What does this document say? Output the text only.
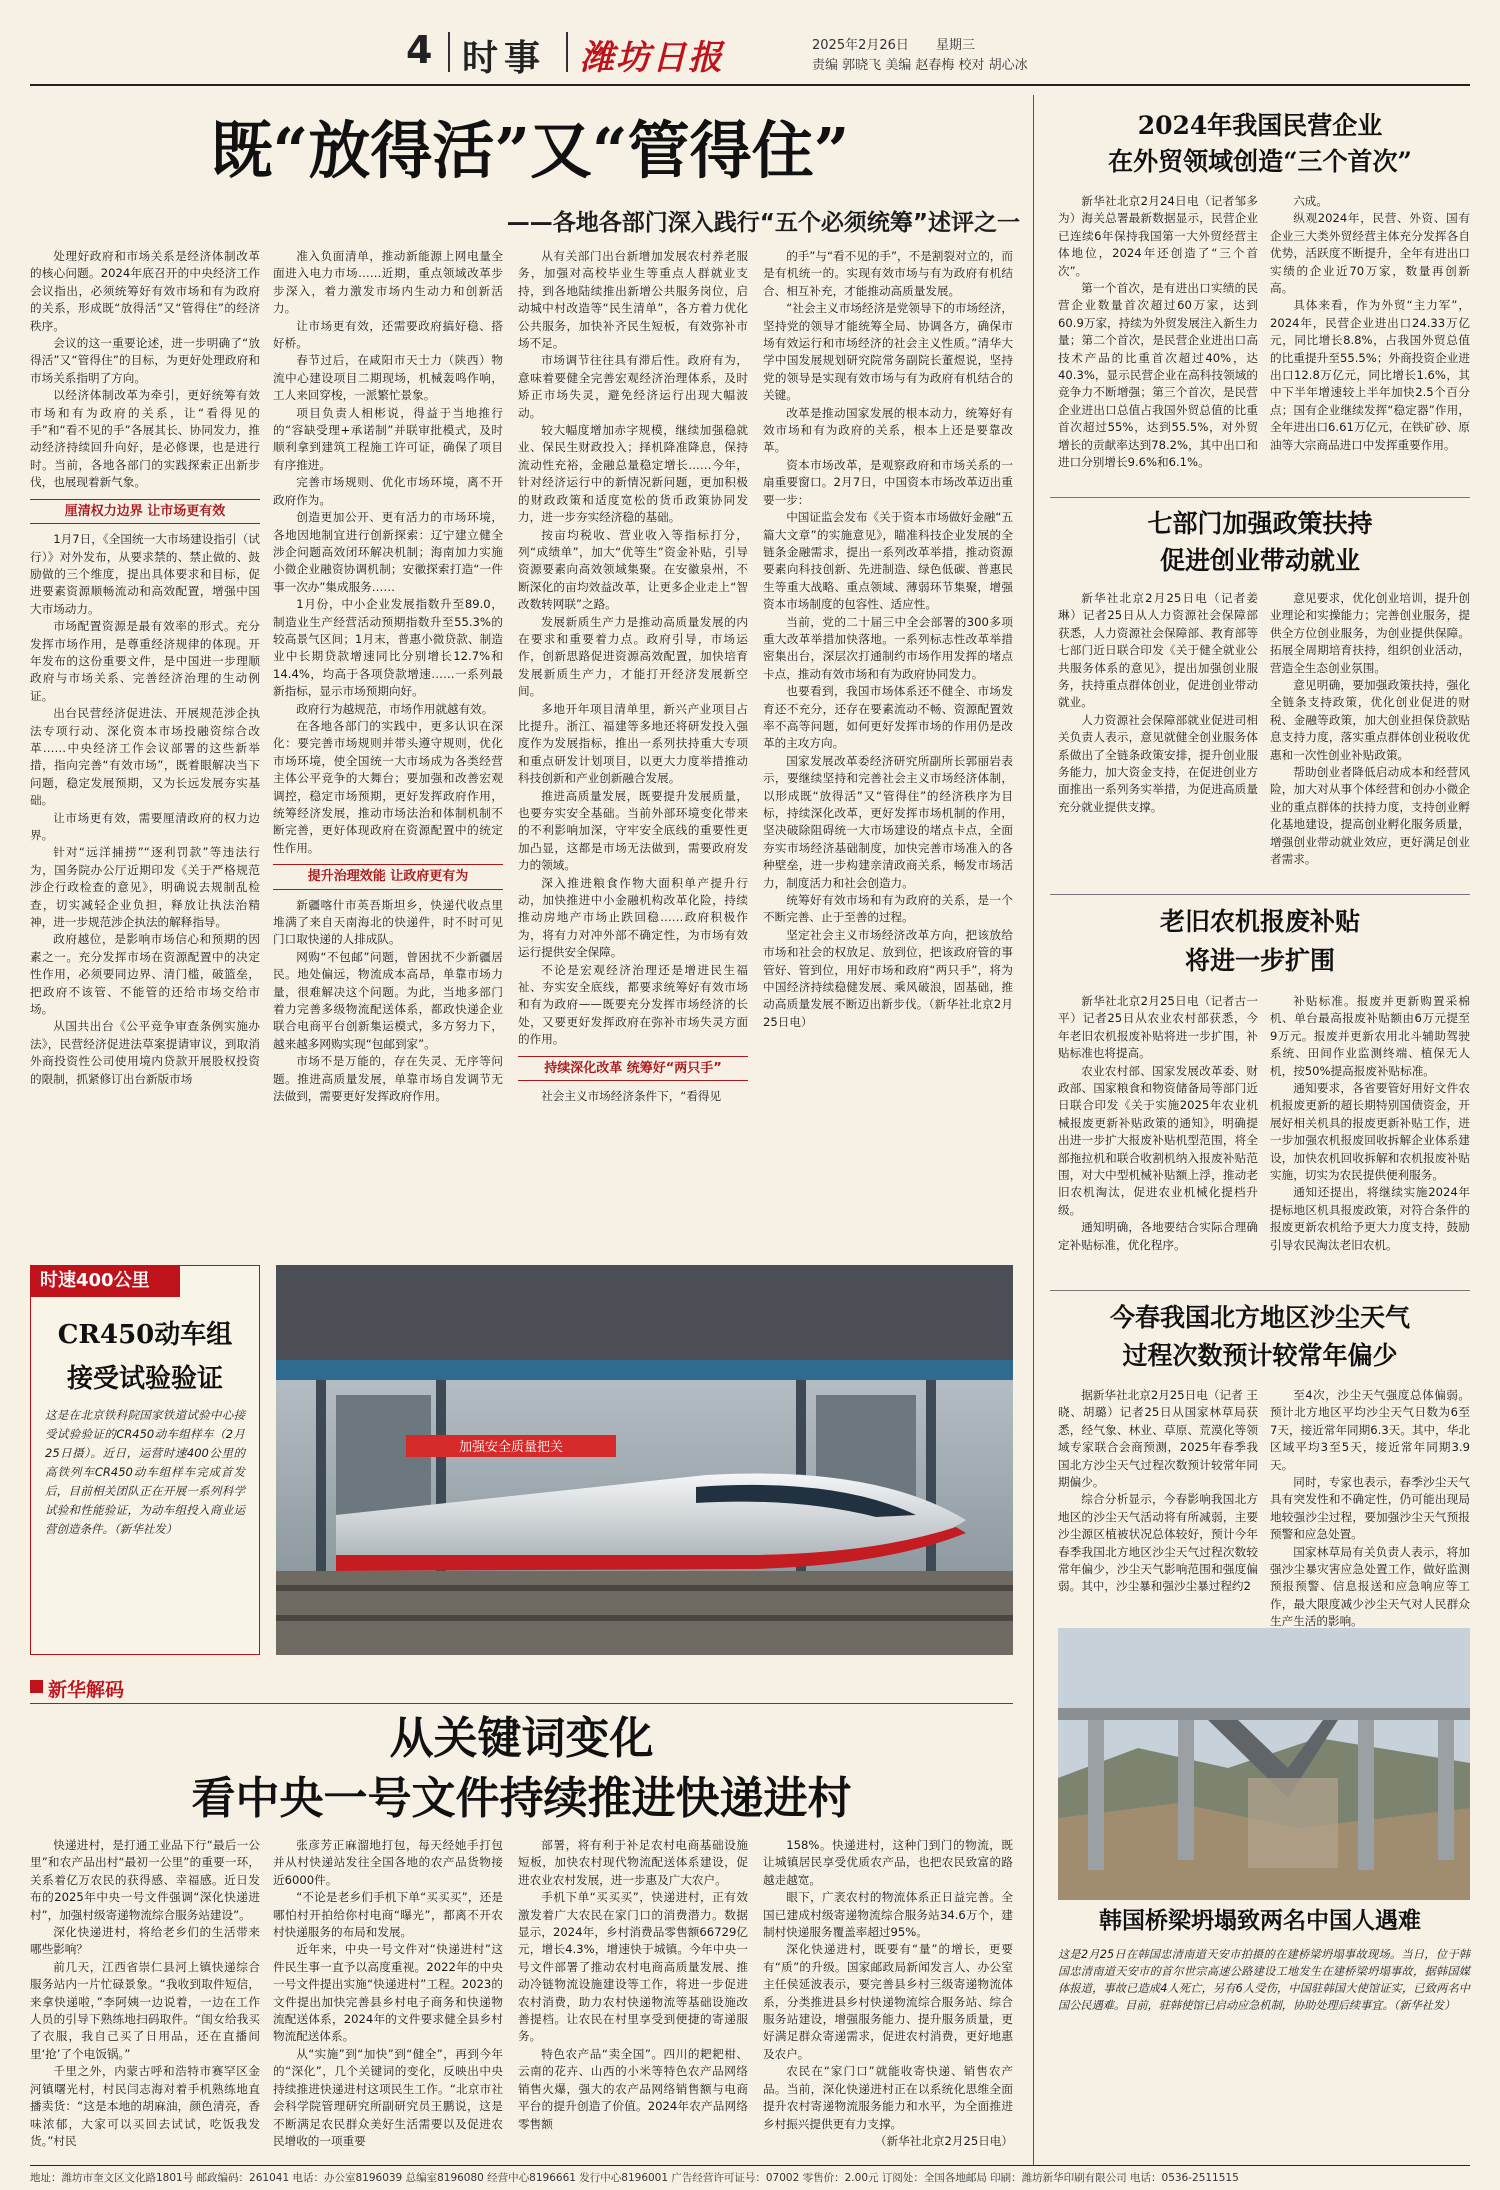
4 时事 潍坊日报	2025年2月26日 星期三
责编 郭晓飞 美编 赵春梅 校对 胡心冰
既“放得活”又“管得住”
——各地各部门深入践行“五个必须统筹”述评之一

处理好政府和市场关系是经济体制改革的核心问题。2024年底召开的中央经济工作会议指出，必须统筹好有效市场和有为政府的关系，形成既“放得活”又“管得住”的经济秩序。

会议的这一重要论述，进一步明确了“放得活”又“管得住”的目标，为更好处理政府和市场关系指明了方向。

以经济体制改革为牵引，更好统筹有效市场和有为政府的关系，让“看得见的手”和“看不见的手”各展其长、协同发力，推动经济持续回升向好，是必修课，也是进行时。当前，各地各部门的实践探索正出新步伐，也展现着新气象。

厘清权力边界 让市场更有效

1月7日，《全国统一大市场建设指引（试行）》对外发布，从要求禁的、禁止做的、鼓励做的三个维度，提出具体要求和目标，促进要素资源顺畅流动和高效配置，增强中国大市场动力。

市场配置资源是最有效率的形式。充分发挥市场作用，是尊重经济规律的体现。开年发布的这份重要文件，是中国进一步理顺政府与市场关系、完善经济治理的生动例证。

出台民营经济促进法、开展规范涉企执法专项行动、深化资本市场投融资综合改革……中央经济工作会议部署的这些新举措，指向完善“有效市场”，既着眼解决当下问题，稳定发展预期，又为长远发展夯实基础。

让市场更有效，需要厘清政府的权力边界。

针对“远洋捕捞”“逐利罚款”等违法行为，国务院办公厅近期印发《关于严格规范涉企行政检查的意见》，明确说去规制乱检查，切实减轻企业负担，释放让执法治精神，进一步规范涉企执法的解释指导。

政府越位，是影响市场信心和预期的因素之一。充分发挥市场在资源配置中的决定性作用，必须要同边界、清门槛，破篮垒，把政府不该管、不能管的还给市场交给市场。

从国共出台《公平竞争审查条例实施办法》，民营经济促进法草案提请审议，到取消外商投资性公司使用境内贷款开展股权投资的限制，抓紧修订出台新版市场

准入负面清单，推动新能源上网电量全面进入电力市场……近期，重点领域改革步步深入，着力激发市场内生动力和创新活力。

让市场更有效，还需要政府搞好稳、搭好桥。

春节过后，在咸阳市天士力（陕西）物流中心建设项目二期现场，机械轰鸣作响，工人来回穿梭，一派繁忙景象。

项目负责人相彬说，得益于当地推行的“容缺受理+承诺制”并联审批模式，及时顺利拿到建筑工程施工许可证，确保了项目有序推进。

完善市场规则、优化市场环境，离不开政府作为。

创造更加公开、更有活力的市场环境，各地因地制宜进行创新探索：辽宁建立健全涉企问题高效闭环解决机制；海南加力实施小微企业融资协调机制；安徽探索打造“一件事一次办”集成服务……

1月份，中小企业发展指数升至89.0，制造业生产经营活动预期指数升至55.3%的较高景气区间；1月末，普惠小微贷款、制造业中长期贷款增速同比分别增长12.7%和14.4%，均高于各项贷款增速……一系列最新指标，显示市场预期向好。

政府行为越规范，市场作用就越有效。

在各地各部门的实践中，更多认识在深化：要完善市场规则并带头遵守规则，优化市场环境，使全国统一大市场成为各类经营主体公平竞争的大舞台；要加强和改善宏观调控，稳定市场预期，更好发挥政府作用，统筹经济发展，推动市场法治和体制机制不断完善，更好体现政府在资源配置中的统定性作用。

提升治理效能 让政府更有为

新疆喀什市英吾斯坦乡，快递代收点里堆满了来自天南海北的快递件，时不时可见门口取快递的人排成队。

网购“不包邮”问题，曾困扰不少新疆居民。地处偏远，物流成本高昂，单靠市场力量，很难解决这个问题。为此，当地多部门着力完善多级物流配送体系，都政快递企业联合电商平台创新集运模式，多方努力下，越来越多网购实现“包邮到家”。

市场不是万能的，存在失灵、无序等问题。推进高质量发展，单靠市场自发调节无法做到，需要更好发挥政府作用。

从有关部门出台新增加发展农村养老服务，加强对高校毕业生等重点人群就业支持，到各地陆续推出新增公共服务岗位，启动城中村改造等“民生清单”，各方着力优化公共服务，加快补齐民生短板，有效弥补市场不足。

市场调节往往具有滞后性。政府有为，意味着要健全完善宏观经济治理体系，及时矫正市场失灵，避免经济运行出现大幅波动。

较大幅度增加赤字规模，继续加强稳就业、保民生财政投入；择机降准降息，保持流动性充裕，金融总量稳定增长……今年，针对经济运行中的新情况新问题，更加积极的财政政策和适度宽松的货币政策协同发力，进一步夯实经济稳的基础。

按亩均税收、营业收入等指标打分，列“成绩单”，加大“优等生”资金补贴，引导资源要素向高效领域集聚。在安徽泉州，不断深化的亩均效益改革，让更多企业走上“智改数转网联”之路。

发展新质生产力是推动高质量发展的内在要求和重要着力点。政府引导，市场运作，创新思路促进资源高效配置，加快培育发展新质生产力，才能打开经济发展新空间。

多地开年项目清单里，新兴产业项目占比提升。浙江、福建等多地还将研发投入强度作为发展指标，推出一系列扶持重大专项和重点研发计划项目，以更大力度举措推动科技创新和产业创新融合发展。

推进高质量发展，既要提升发展质量，也要夯实安全基础。当前外部环境变化带来的不利影响加深，守牢安全底线的重要性更加凸显，这都是市场无法做到，需要政府发力的领域。

深入推进粮食作物大面积单产提升行动，加快推进中小金融机构改革化险，持续推动房地产市场止跌回稳……政府积极作为，将有力对冲外部不确定性，为市场有效运行提供安全保障。

不论是宏观经济治理还是增进民生福祉、夯实安全底线，都要求统筹好有效市场和有为政府——既要充分发挥市场经济的长处，又要更好发挥政府在弥补市场失灵方面的作用。

持续深化改革 统筹好“两只手”

社会主义市场经济条件下，“看得见

的手”与“看不见的手”，不是割裂对立的，而是有机统一的。实现有效市场与有为政府有机结合、相互补充，才能推动高质量发展。

“社会主义市场经济是党领导下的市场经济，坚持党的领导才能统筹全局、协调各方，确保市场有效运行和市场经济的社会主义性质。”清华大学中国发展规划研究院常务副院长董煜说，坚持党的领导是实现有效市场与有为政府有机结合的关键。

改革是推动国家发展的根本动力，统筹好有效市场和有为政府的关系，根本上还是要靠改革。

资本市场改革，是观察政府和市场关系的一扇重要窗口。2月7日，中国资本市场改革迈出重要一步：

中国证监会发布《关于资本市场做好金融“五篇大文章”的实施意见》，瞄准科技企业发展的全链条金融需求，提出一系列改革举措，推动资源要素向科技创新、先进制造、绿色低碳、普惠民生等重大战略、重点领域、薄弱环节集聚，增强资本市场制度的包容性、适应性。

当前，党的二十届三中全会部署的300多项重大改革举措加快落地。一系列标志性改革举措密集出台，深层次打通制约市场作用发挥的堵点卡点，推动有效市场和有为政府协同发力。

也要看到，我国市场体系还不健全、市场发育还不充分，还存在要素流动不畅、资源配置效率不高等问题，如何更好发挥市场的作用仍是改革的主攻方向。

国家发展改革委经济研究所副所长郭丽岩表示，要继续坚持和完善社会主义市场经济体制，以形成既“放得活”又“管得住”的经济秩序为目标，持续深化改革，更好发挥市场机制的作用，坚决破除阻碍统一大市场建设的堵点卡点，全面夯实市场经济基础制度，加快完善市场准入的各种壁垒，进一步构建亲清政商关系，畅发市场活力，制度活力和社会创造力。

统筹好有效市场和有为政府的关系，是一个不断完善、止于至善的过程。

坚定社会主义市场经济改革方向，把该放给市场和社会的权放足、放到位，把该政府管的事管好、管到位，用好市场和政府“两只手”，将为中国经济持续稳健发展、乘风破浪，固基础，推动高质量发展不断迈出新步伐。（新华社北京2月25日电）

时速400公里
CR450动车组
接受试验验证
这是在北京铁科院国家铁道试验中心接受试验验证的CR450动车组样车（2月25日摄）。近日，运营时速400公里的高铁列车CR450动车组样车完成首发后，目前相关团队正在开展一系列科学试验和性能验证，为动车组投入商业运营创造条件。（新华社发）
加强安全质量把关
新华解码
从关键词变化
看中央一号文件持续推进快递进村

快递进村，是打通工业品下行“最后一公里”和农产品出村“最初一公里”的重要一环，关系着亿万农民的获得感、幸福感。近日发布的2025年中央一号文件强调“深化快递进村”，加强村级寄递物流综合服务站建设”。

深化快递进村，将给老乡们的生活带来哪些影响？

前几天，江西省崇仁县河上镇快递综合服务站内一片忙碌景象。“我收到取件短信，来拿快递啦，”李阿姨一边说着，一边在工作人员的引导下熟练地扫码取件。“闺女给我买了衣服，我自己买了日用品，还在直播间里‘抢’了个电饭锅。”

千里之外，内蒙古呼和浩特市赛罕区金河镇曙光村，村民闫志海对着手机熟练地直播卖货：“这是本地的胡麻油，颜色清亮，香味浓郁，大家可以买回去试试，吃饭我发货。”村民

张彦芳正麻溜地打包，每天经她手打包并从村快递站发往全国各地的农产品货物接近6000件。

“不论是老乡们手机下单“买买买”，还是哪怕村开拍给你村电商“曝光”，都离不开农村快递服务的布局和发展。

近年来，中央一号文件对“快递进村”这件民生事一直予以高度重视。2022年的中央一号文件提出实施“快递进村”工程。2023的文件提出加快完善县乡村电子商务和快递物流配送体系，2024年的文件要求健全县乡村物流配送体系。

从“实施”到“加快”到“健全”，再到今年的“深化”，几个关键词的变化，反映出中央持续推进快递进村这项民生工作。“北京市社会科学院管理研究所副研究员王鹏说，这是不断满足农民群众美好生活需要以及促进农民增收的一项重要

部署，将有利于补足农村电商基础设施短板，加快农村现代物流配送体系建设，促进农业农村发展，进一步惠及广大农户。

手机下单“买买买”，快递进村，正有效激发着广大农民在家门口的消费潜力。数据显示，2024年，乡村消费品零售额66729亿元，增长4.3%，增速快于城镇。今年中央一号文件部署了推动农村电商高质量发展、推动冷链物流设施建设等工作，将进一步促进农村消费，助力农村快递物流等基础设施改善提档。让农民在村里享受到便捷的寄递服务。

特色农产品“卖全国”。四川的耙耙柑、云南的花卉、山西的小米等特色农产品网络销售火爆，强大的农产品网络销售额与电商平台的提升创造了价值。2024年农产品网络零售额

158%。快递进村，这种门到门的物流，既让城镇居民享受优质农产品，也把农民致富的路越走越宽。

眼下，广袤农村的物流体系正日益完善。全国已建成村级寄递物流综合服务站34.6万个，建制村快递服务覆盖率超过95%。

深化快递进村，既要有“量”的增长，更要有“质”的升级。国家邮政局新闻发言人、办公室主任侯延波表示，要完善县乡村三级寄递物流体系，分类推进县乡村快递物流综合服务站、综合服务站建设，增强服务能力、提升服务质量，更好满足群众寄递需求，促进农村消费，更好地惠及农户。

农民在“家门口”就能收寄快递、销售农产品。当前，深化快递进村正在以系统化思维全面提升农村寄递物流服务能力和水平，为全面推进乡村振兴提供更有力支撑。

（新华社北京2月25日电）

2024年我国民营企业
在外贸领域创造“三个首次”

新华社北京2月24日电（记者邹多为）海关总署最新数据显示，民营企业已连续6年保持我国第一大外贸经营主体地位，2024年还创造了“三个首次”。

第一个首次，是有进出口实绩的民营企业数量首次超过60万家，达到60.9万家，持续为外贸发展注入新生力量；第二个首次，是民营企业进出口高技术产品的比重首次超过40%，达40.3%，显示民营企业在高科技领域的竞争力不断增强；第三个首次，是民营企业进出口总值占我国外贸总值的比重首次超过55%，达到55.5%，对外贸增长的贡献率达到78.2%，其中出口和进口分别增长9.6%和6.1%。

六成。

纵观2024年，民营、外资、国有企业三大类外贸经营主体充分发挥各自优势，活跃度不断提升，全年有进出口实绩的企业近70万家，数量再创新高。

具体来看，作为外贸“主力军”，2024年，民营企业进出口24.33万亿元，同比增长8.8%，占我国外贸总值的比重提升至55.5%；外商投资企业进出口12.8万亿元，同比增长1.6%，其中下半年增速较上半年加快2.5个百分点；国有企业继续发挥“稳定器”作用，全年进出口6.61万亿元，在铁矿砂、原油等大宗商品进口中发挥重要作用。

七部门加强政策扶持
促进创业带动就业

新华社北京2月25日电（记者姜琳）记者25日从人力资源社会保障部获悉，人力资源社会保障部、教育部等七部门近日联合印发《关于健全就业公共服务体系的意见》，提出加强创业服务，扶持重点群体创业，促进创业带动就业。

人力资源社会保障部就业促进司相关负责人表示，意见就健全创业服务体系做出了全链条政策安排，提升创业服务能力，加大资金支持，在促进创业方面推出一系列务实举措，为促进高质量充分就业提供支撑。

意见要求，优化创业培训，提升创业理论和实操能力；完善创业服务，提供全方位创业服务，为创业提供保障。拓展全周期培育扶持，组织创业活动，营造全生态创业氛围。

意见明确，要加强政策扶持，强化全链条支持政策，优化创业促进的财税、金融等政策，加大创业担保贷款贴息支持力度，落实重点群体创业税收优惠和一次性创业补贴政策。

帮助创业者降低启动成本和经营风险，加大对从事个体经营和创办小微企业的重点群体的扶持力度，支持创业孵化基地建设，提高创业孵化服务质量，增强创业带动就业效应，更好满足创业者需求。

老旧农机报废补贴
将进一步扩围

新华社北京2月25日电（记者古一平）记者25日从农业农村部获悉，今年老旧农机报废补贴将进一步扩围，补贴标准也将提高。

农业农村部、国家发展改革委、财政部、国家粮食和物资储备局等部门近日联合印发《关于实施2025年农业机械报废更新补贴政策的通知》，明确提出进一步扩大报废补贴机型范围，将全部拖拉机和联合收割机纳入报废补贴范围，对大中型机械补贴额上浮，推动老旧农机淘汰，促进农业机械化提档升级。

通知明确，各地要结合实际合理确定补贴标准，优化程序。

补贴标准。报废并更新购置采棉机、单台最高报废补贴额由6万元提至9万元。报废并更新农用北斗辅助驾驶系统、田间作业监测终端、植保无人机，按50%提高报废补贴标准。

通知要求，各省要管好用好文件农机报废更新的超长期特别国债资金，开展好相关机具的报废更新补贴工作，进一步加强农机报废回收拆解企业体系建设，加快农机回收拆解和农机报废补贴实施，切实为农民提供便利服务。

通知还提出，将继续实施2024年提标地区机具报废政策，对符合条件的报废更新农机给予更大力度支持，鼓励引导农民淘汰老旧农机。

今春我国北方地区沙尘天气
过程次数预计较常年偏少

据新华社北京2月25日电（记者 王晓、胡璐）记者25日从国家林草局获悉，经气象、林业、草原、荒漠化等领域专家联合会商预测，2025年春季我国北方沙尘天气过程次数预计较常年同期偏少。

综合分析显示，今春影响我国北方地区的沙尘天气活动将有所减弱，主要沙尘源区植被状况总体较好，预计今年春季我国北方地区沙尘天气过程次数较常年偏少，沙尘天气影响范围和强度偏弱。其中，沙尘暴和强沙尘暴过程约2

至4次，沙尘天气强度总体偏弱。预计北方地区平均沙尘天气日数为6至7天，接近常年同期6.3天。其中，华北区域平均3至5天，接近常年同期3.9天。

同时，专家也表示，春季沙尘天气具有突发性和不确定性，仍可能出现局地较强沙尘过程，要加强沙尘天气预报预警和应急处置。

国家林草局有关负责人表示，将加强沙尘暴灾害应急处置工作，做好监测预报预警、信息报送和应急响应等工作，最大限度减少沙尘天气对人民群众生产生活的影响。

韩国桥梁坍塌致两名中国人遇难
这是2月25日在韩国忠清南道天安市拍摄的在建桥梁坍塌事故现场。当日，位于韩国忠清南道天安市的首尔世宗高速公路建设工地发生在建桥梁坍塌事故，据韩国媒体报道，事故已造成4人死亡，另有6人受伤，中国驻韩国大使馆证实，已致两名中国公民遇难。目前，驻韩使馆已启动应急机制，协助处理后续事宜。（新华社发）
地址：潍坊市奎文区文化路1801号 邮政编码：261041 电话：办公室8196039 总编室8196080 经营中心8196661 发行中心8196001 广告经营许可证号：07002 零售价：2.00元 订阅处：全国各地邮局 印刷：潍坊新华印刷有限公司 电话：0536-2511515
